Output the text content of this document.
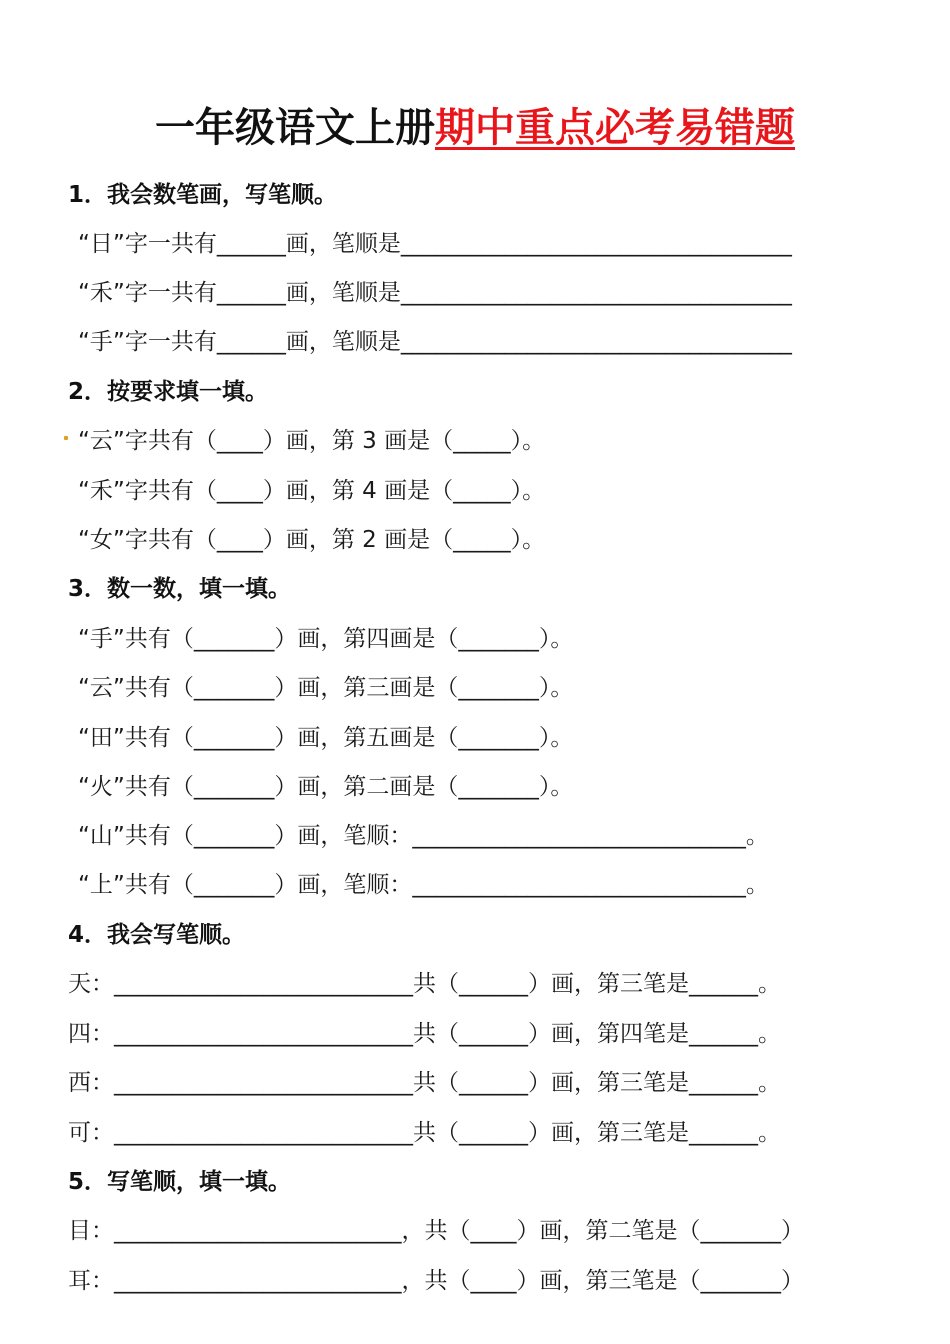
一年级语文上册期中重点必考易错题
1．我会数笔画，写笔顺。
“日”字一共有______画，笔顺是__________________________________
“禾”字一共有______画，笔顺是__________________________________
“手”字一共有______画，笔顺是__________________________________
2．按要求填一填。
“云”字共有（____）画，第 3 画是（_____）。
“禾”字共有（____）画，第 4 画是（_____）。
“女”字共有（____）画，第 2 画是（_____）。
3．数一数，填一填。
“手”共有（_______）画，第四画是（_______）。
“云”共有（_______）画，第三画是（_______）。
“田”共有（_______）画，第五画是（_______）。
“火”共有（_______）画，第二画是（_______）。
“山”共有（_______）画，笔顺：_____________________________。
“上”共有（_______）画，笔顺：_____________________________。
4．我会写笔顺。
天：__________________________共（______）画，第三笔是______。
四：__________________________共（______）画，第四笔是______。
西：__________________________共（______）画，第三笔是______。
可：__________________________共（______）画，第三笔是______。
5．写笔顺，填一填。
目：_________________________，共（____）画，第二笔是（_______）
耳：_________________________，共（____）画，第三笔是（_______）
